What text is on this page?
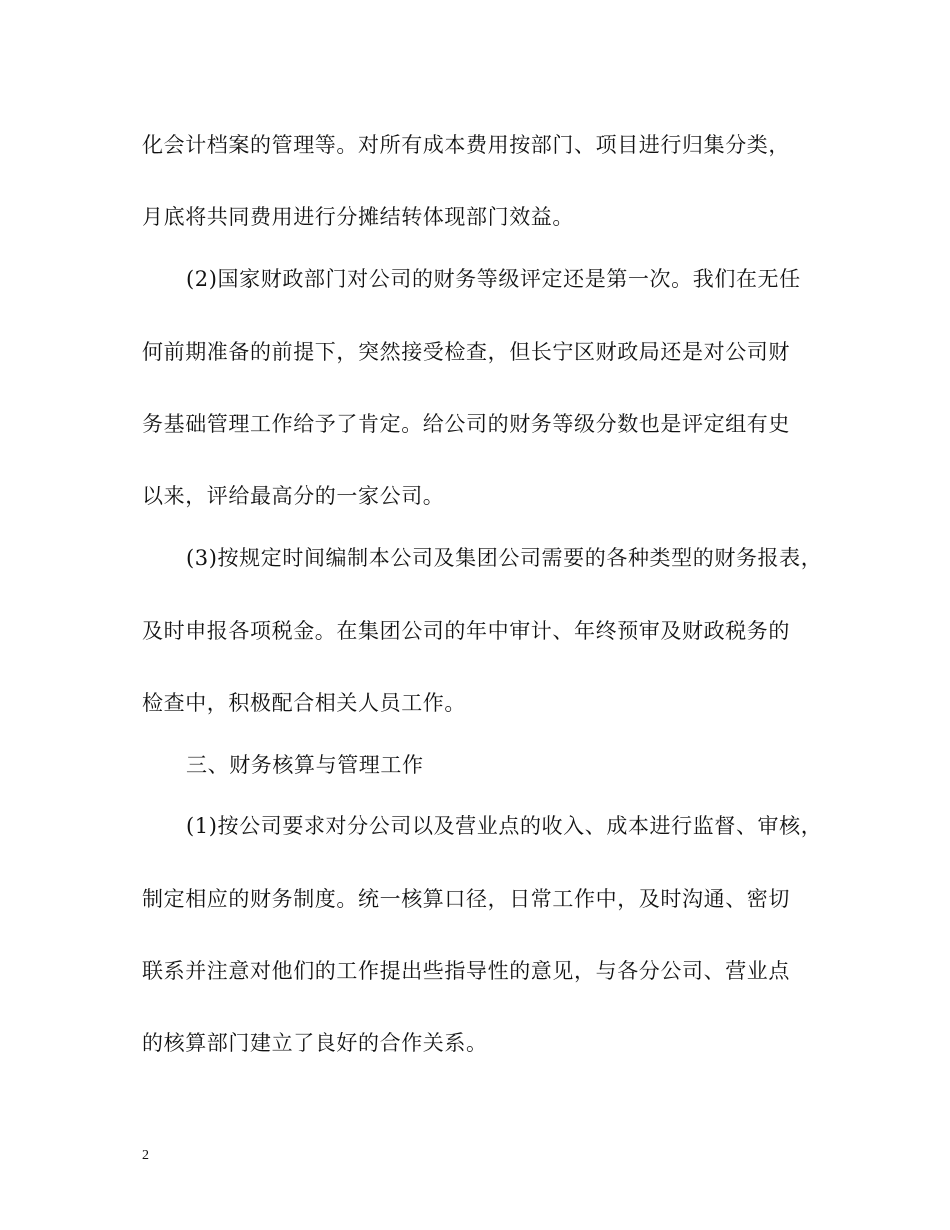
化会计档案的管理等。对所有成本费用按部门、项目进行归集分类，
月底将共同费用进行分摊结转体现部门效益。
(2)国家财政部门对公司的财务等级评定还是第一次。我们在无任
何前期准备的前提下，突然接受检查，但长宁区财政局还是对公司财
务基础管理工作给予了肯定。给公司的财务等级分数也是评定组有史
以来，评给最高分的一家公司。
(3)按规定时间编制本公司及集团公司需要的各种类型的财务报表，
及时申报各项税金。在集团公司的年中审计、年终预审及财政税务的
检查中，积极配合相关人员工作。
三、财务核算与管理工作
(1)按公司要求对分公司以及营业点的收入、成本进行监督、审核，
制定相应的财务制度。统一核算口径，日常工作中，及时沟通、密切
联系并注意对他们的工作提出些指导性的意见，与各分公司、营业点
的核算部门建立了良好的合作关系。
2
